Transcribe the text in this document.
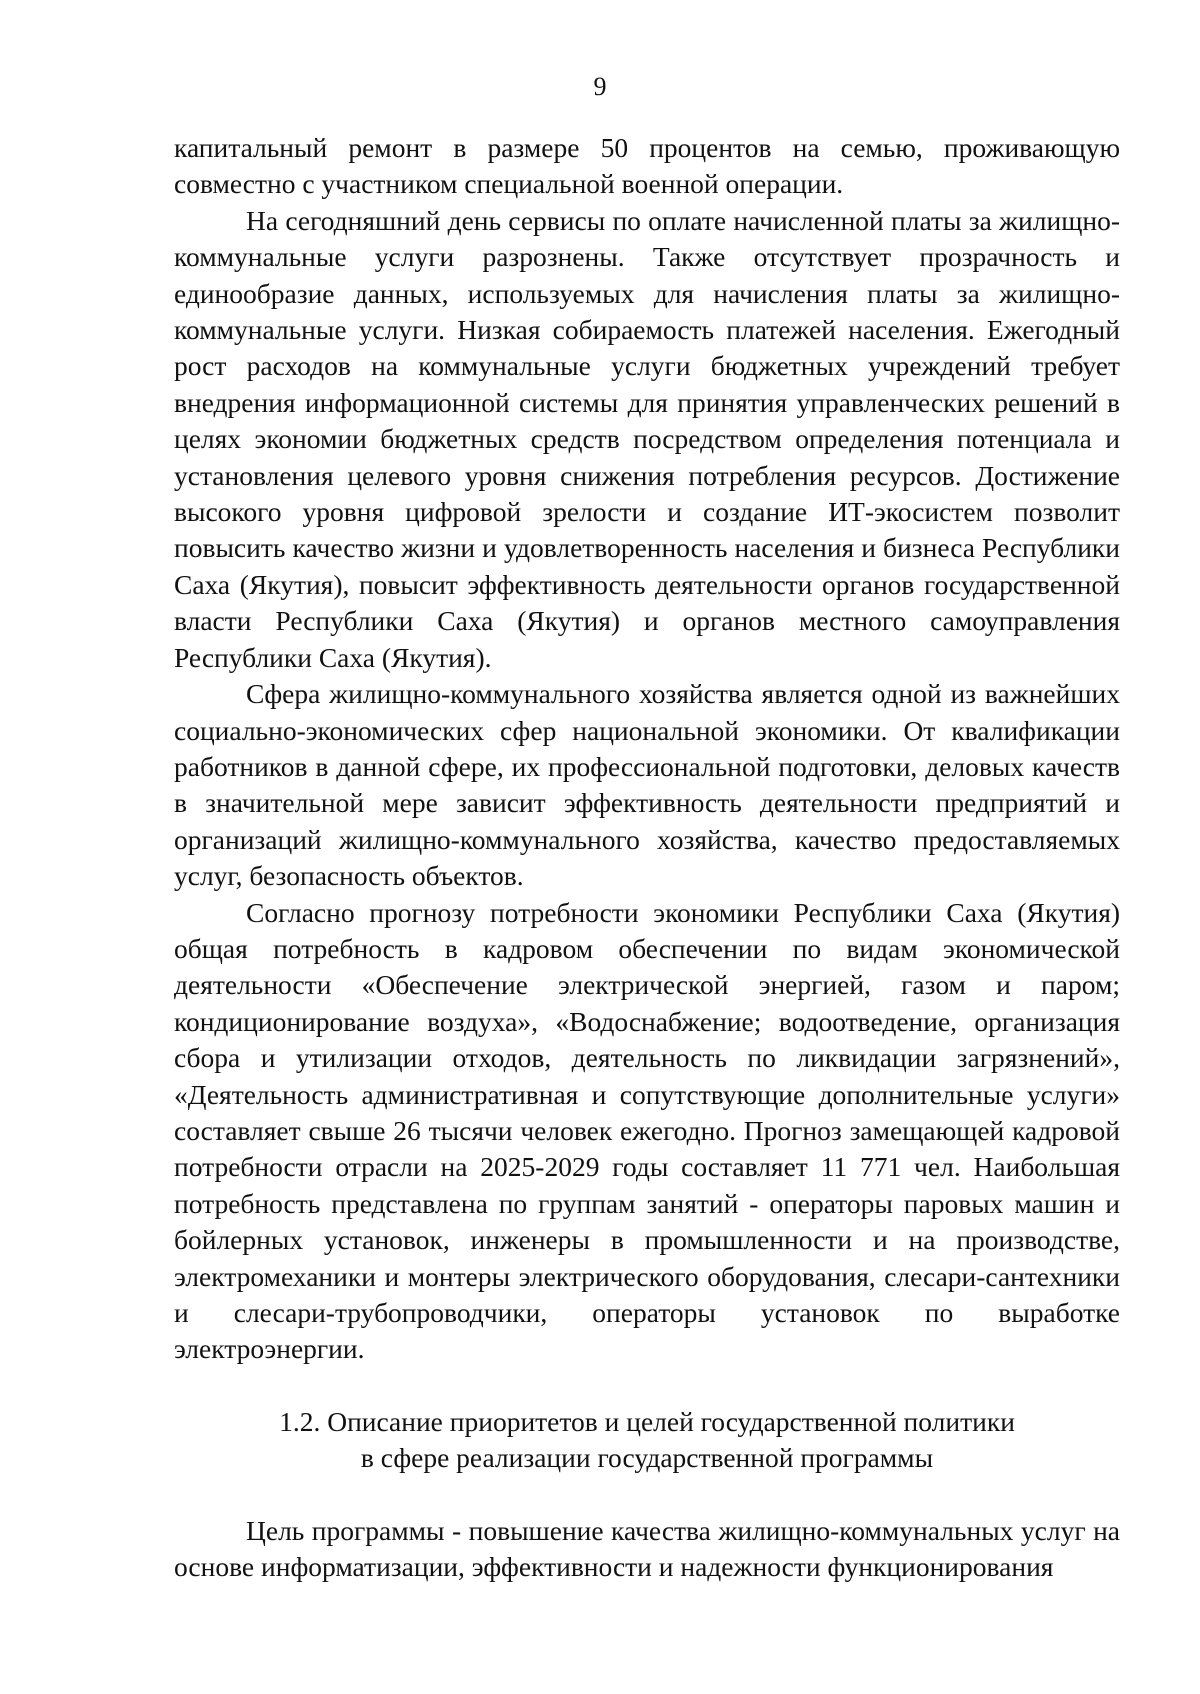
9

капитальный ремонт в размере 50 процентов на семью, проживающую совместно с участником специальной военной операции.

На сегодняшний день сервисы по оплате начисленной платы за жилищно-коммунальные услуги разрознены. Также отсутствует прозрачность и единообразие данных, используемых для начисления платы за жилищно-коммунальные услуги. Низкая собираемость платежей населения. Ежегодный рост расходов на коммунальные услуги бюджетных учреждений требует внедрения информационной системы для принятия управленческих решений в целях экономии бюджетных средств посредством определения потенциала и установления целевого уровня снижения потребления ресурсов. Достижение высокого уровня цифровой зрелости и создание ИТ-экосистем позволит повысить качество жизни и удовлетворенность населения и бизнеса Республики Саха (Якутия), повысит эффективность деятельности органов государственной власти Республики Саха (Якутия) и органов местного самоуправления Республики Саха (Якутия).

Сфера жилищно-коммунального хозяйства является одной из важнейших социально-экономических сфер национальной экономики. От квалификации работников в данной сфере, их профессиональной подготовки, деловых качеств в значительной мере зависит эффективность деятельности предприятий и организаций жилищно-коммунального хозяйства, качество предоставляемых услуг, безопасность объектов.

Согласно прогнозу потребности экономики Республики Саха (Якутия) общая потребность в кадровом обеспечении по видам экономической деятельности «Обеспечение электрической энергией, газом и паром; кондиционирование воздуха», «Водоснабжение; водоотведение, организация сбора и утилизации отходов, деятельность по ликвидации загрязнений», «Деятельность административная и сопутствующие дополнительные услуги» составляет свыше 26 тысячи человек ежегодно. Прогноз замещающей кадровой потребности отрасли на 2025-2029 годы составляет 11 771 чел. Наибольшая потребность представлена по группам занятий - операторы паровых машин и бойлерных установок, инженеры в промышленности и на производстве, электромеханики и монтеры электрического оборудования, слесари-сантехники и слесари-трубопроводчики, операторы установок по выработке электроэнергии.

1.2. Описание приоритетов и целей государственной политики
в сфере реализации государственной программы

Цель программы - повышение качества жилищно-коммунальных услуг на основе информатизации, эффективности и надежности функционирования
